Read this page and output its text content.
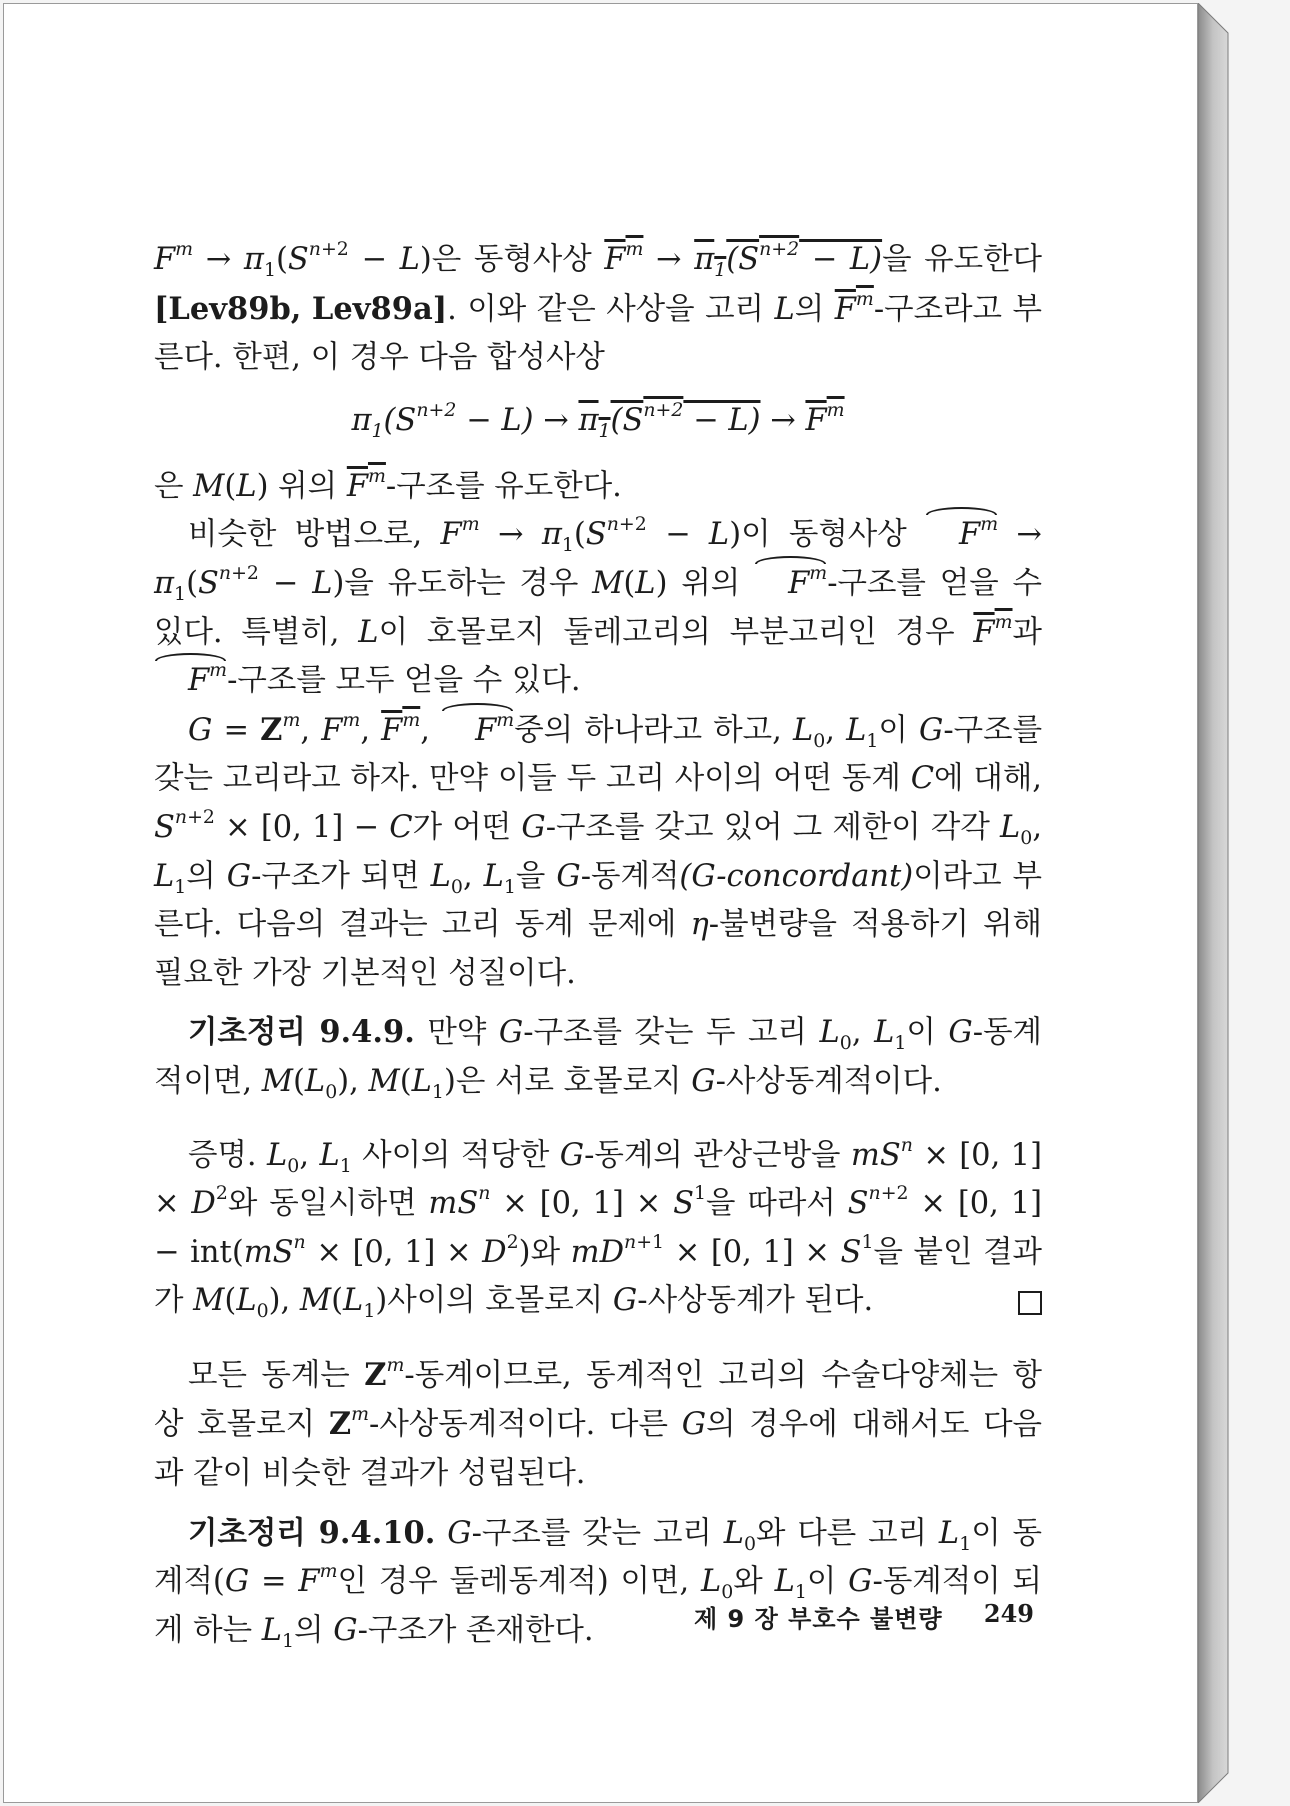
$F^m \to \pi_1(S^{n+2} - L)$은 동형사상 $F^m \to \pi_1(S^{n+2} - L)$을 유도한다 [Lev89b, Lev89a]. 이와 같은 사상을 고리 L의 $F^m-$구조라고 부른다. 한편, 이 경우 다음 합성사상

$\pi_1(S^{n+2} - L) \to \pi_1(S^{n+2} - L) \to F^m$

은 M(L) 위의 $F^m-$구조를 유도한다.

비슷한 방법으로, $F^m \to \pi_1(S^{n+2} - L)$이 동형사상 $F^m \to \pi_1(S^{n+2} - L)$을 유도하는 경우 M(L) 위의 $F^m-$구조를 얻을 수 있다. 특별히, L이 호몰로지 둘레고리의 부분고리인 경우 $F^m$과 $F^m-$구조를 모두 얻을 수 있다.

$G = Z^m$, $F^m$, $F^m$, $F^m$중의 하나라고 하고, $L_0$, $L_1$이 G-구조를 갖는 고리라고 하자. 만약 이들 두 고리 사이의 어떤 동계 C에 대해, $S^{n+2} \times [0$, 1] − C가 어떤 G-구조를 갖고 있어 그 제한이 각각 $L_0$, $L_1$의 G-구조가 되면 $L_0$, $L_1$을 G-동계적(G-concordant)이라고 부른다. 다음의 결과는 고리 동계 문제에 η-불변량을 적용하기 위해 필요한 가장 기본적인 성질이다.

기초정리 9.4.9. 만약 G-구조를 갖는 두 고리 $L_0$, $L_1$이 G-동계적이면, $M(L_0)$, $M(L_1)$은 서로 호몰로지 G-사상동계적이다.

증명. $L_0$, $L_1$ 사이의 적당한 G-동계의 관상근방을 $mS^n \times [0$, $1] \times D^2$와 동일시하면 $mS^n \times [0$, $1] \times S^1$을 따라서 $S^{n+2} \times [0$, $1] - int(mS^n \times [0$, $1] \times D^2$)와 $mD^{n+1} \times [0$, $1] \times S^1$을 붙인 결과가 $M(L_0)$, $M(L_1)$사이의 호몰로지 G-사상동계가 된다.

모든 동계는 $Z^m-$동계이므로, 동계적인 고리의 수술다양체는 항상 호몰로지 $Z^m-$사상동계적이다. 다른 G의 경우에 대해서도 다음과 같이 비슷한 결과가 성립된다.

기초정리 9.4.10. G-구조를 갖는 고리 $L_0$와 다른 고리 $L_1$이 동계적($G = F^m$인 경우 둘레동계적) 이면, $L_0$와 $L_1$이 G-동계적이 되게 하는 $L_1$의 G-구조가 존재한다.	제 9 장 부호수 불변량 249
